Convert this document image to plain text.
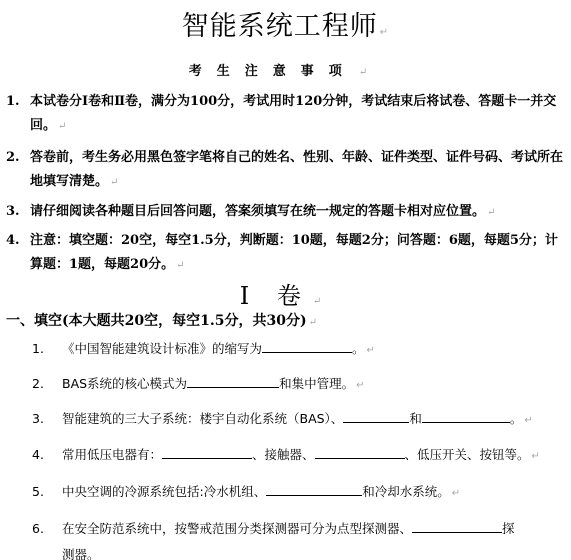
智能系统工程师 ↵
考生注意事项 ↵
1. 本试卷分Ⅰ卷和Ⅱ卷，满分为100分，考试用时120分钟，考试结束后将试卷、答题卡一并交回。 ↵
2. 答卷前，考生务必用黑色签字笔将自己的姓名、性别、年龄、证件类型、证件号码、考试所在地填写清楚。 ↵
3. 请仔细阅读各种题目后回答问题，答案须填写在统一规定的答题卡相对应位置。 ↵
4. 注意：填空题：20空，每空1.5分，判断题：10题，每题2分；问答题：6题，每题5分；计算题：1题，每题20分。 ↵
Ⅰ 卷 ↵
一、填空(本大题共20空，每空1.5分，共30分) ↵
1. 《中国智能建筑设计标准》的缩写为	。 ↵
2. BAS系统的核心模式为	和集中管理。 ↵
3. 智能建筑的三大子系统：楼宇自动化系统（BAS）、	和	。 ↵
4. 常用低压电器有：	、接触器、	、低压开关、按钮等。 ↵
5. 中央空调的冷源系统包括:冷水机组、	和冷却水系统。 ↵
6. 在安全防范系统中，按警戒范围分类探测器可分为点型探测器、	探
测器。
